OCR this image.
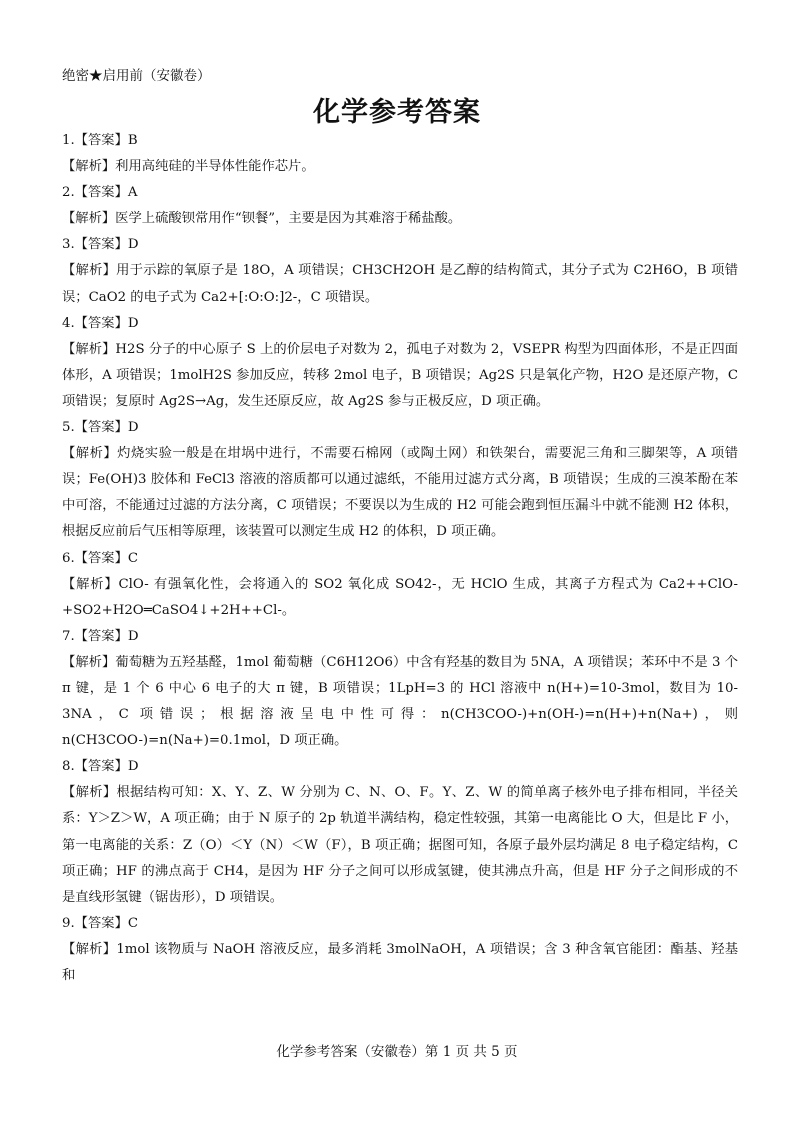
绝密★启用前（安徽卷）
化学参考答案

1.【答案】B

【解析】利用高纯硅的半导体性能作芯片。

2.【答案】A

【解析】医学上硫酸钡常用作“钡餐”，主要是因为其难溶于稀盐酸。

3.【答案】D

【解析】用于示踪的氧原子是 18O，A 项错误；CH3CH2OH 是乙醇的结构简式，其分子式为 C2H6O，B 项错误；CaO2 的电子式为 Ca2+[:O:O:]2-，C 项错误。

4.【答案】D

【解析】H2S 分子的中心原子 S 上的价层电子对数为 2，孤电子对数为 2，VSEPR 构型为四面体形，不是正四面体形，A 项错误；1molH2S 参加反应，转移 2mol 电子，B 项错误；Ag2S 只是氧化产物，H2O 是还原产物，C 项错误；复原时 Ag2S→Ag，发生还原反应，故 Ag2S 参与正极反应，D 项正确。

5.【答案】D

【解析】灼烧实验一般是在坩埚中进行，不需要石棉网（或陶土网）和铁架台，需要泥三角和三脚架等，A 项错误；Fe(OH)3 胶体和 FeCl3 溶液的溶质都可以通过滤纸，不能用过滤方式分离，B 项错误；生成的三溴苯酚在苯中可溶，不能通过过滤的方法分离，C 项错误；不要误以为生成的 H2 可能会跑到恒压漏斗中就不能测 H2 体积，根据反应前后气压相等原理，该装置可以测定生成 H2 的体积，D 项正确。

6.【答案】C

【解析】ClO- 有强氧化性，会将通入的 SO2 氧化成 SO42-，无 HClO 生成，其离子方程式为 Ca2++ClO-+SO2+H2O═CaSO4↓+2H++Cl-。

7.【答案】D

【解析】葡萄糖为五羟基醛，1mol 葡萄糖（C6H12O6）中含有羟基的数目为 5NA，A 项错误；苯环中不是 3 个 π 键，是 1 个 6 中心 6 电子的大 π 键，B 项错误；1LpH=3 的 HCl 溶液中 n(H+)=10-3mol，数目为 10-3NA，C 项错误；根据溶液呈电中性可得：n(CH3COO-)+n(OH-)=n(H+)+n(Na+)，则 n(CH3COO-)=n(Na+)=0.1mol，D 项正确。

8.【答案】D

【解析】根据结构可知：X、Y、Z、W 分别为 C、N、O、F。Y、Z、W 的简单离子核外电子排布相同，半径关系：Y＞Z＞W，A 项正确；由于 N 原子的 2p 轨道半满结构，稳定性较强，其第一电离能比 O 大，但是比 F 小，第一电离能的关系：Z（O）＜Y（N）＜W（F），B 项正确；据图可知，各原子最外层均满足 8 电子稳定结构，C 项正确；HF 的沸点高于 CH4，是因为 HF 分子之间可以形成氢键，使其沸点升高，但是 HF 分子之间形成的不是直线形氢键（锯齿形），D 项错误。

9.【答案】C

【解析】1mol 该物质与 NaOH 溶液反应，最多消耗 3molNaOH，A 项错误；含 3 种含氧官能团：酯基、羟基和

化学参考答案（安徽卷）第 1 页 共 5 页
